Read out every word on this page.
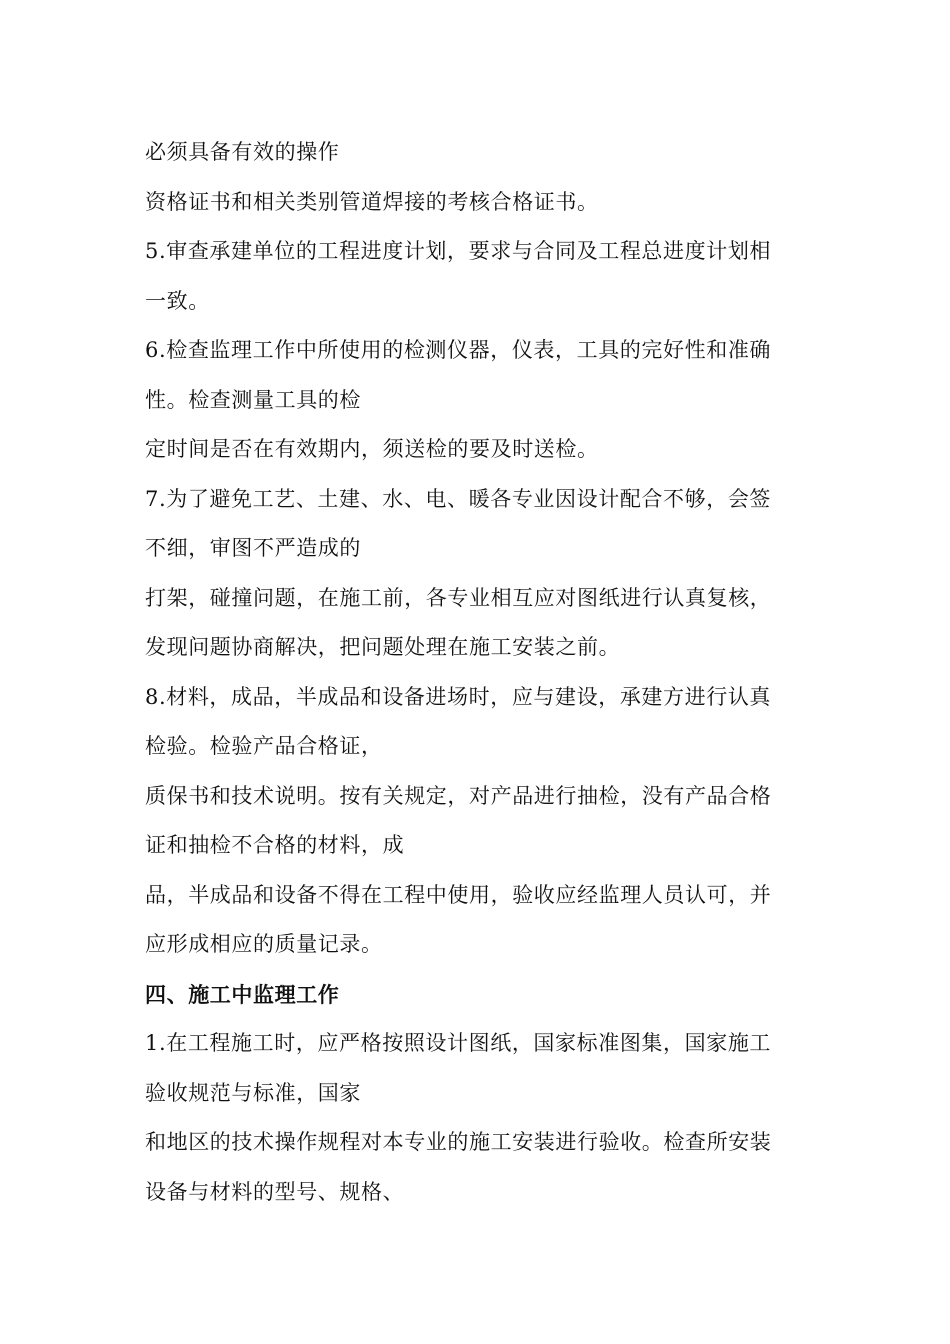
必须具备有效的操作
资格证书和相关类别管道焊接的考核合格证书。
5.审查承建单位的工程进度计划，要求与合同及工程总进度计划相
一致。
6.检查监理工作中所使用的检测仪器，仪表，工具的完好性和准确
性。检查测量工具的检
定时间是否在有效期内，须送检的要及时送检。
7.为了避免工艺、土建、水、电、暖各专业因设计配合不够，会签
不细，审图不严造成的
打架，碰撞问题，在施工前，各专业相互应对图纸进行认真复核，
发现问题协商解决，把问题处理在施工安装之前。
8.材料，成品，半成品和设备进场时，应与建设，承建方进行认真
检验。检验产品合格证，
质保书和技术说明。按有关规定，对产品进行抽检，没有产品合格
证和抽检不合格的材料，成
品，半成品和设备不得在工程中使用，验收应经监理人员认可，并
应形成相应的质量记录。
四、施工中监理工作
1.在工程施工时，应严格按照设计图纸，国家标准图集，国家施工
验收规范与标准，国家
和地区的技术操作规程对本专业的施工安装进行验收。检查所安装
设备与材料的型号、规格、
